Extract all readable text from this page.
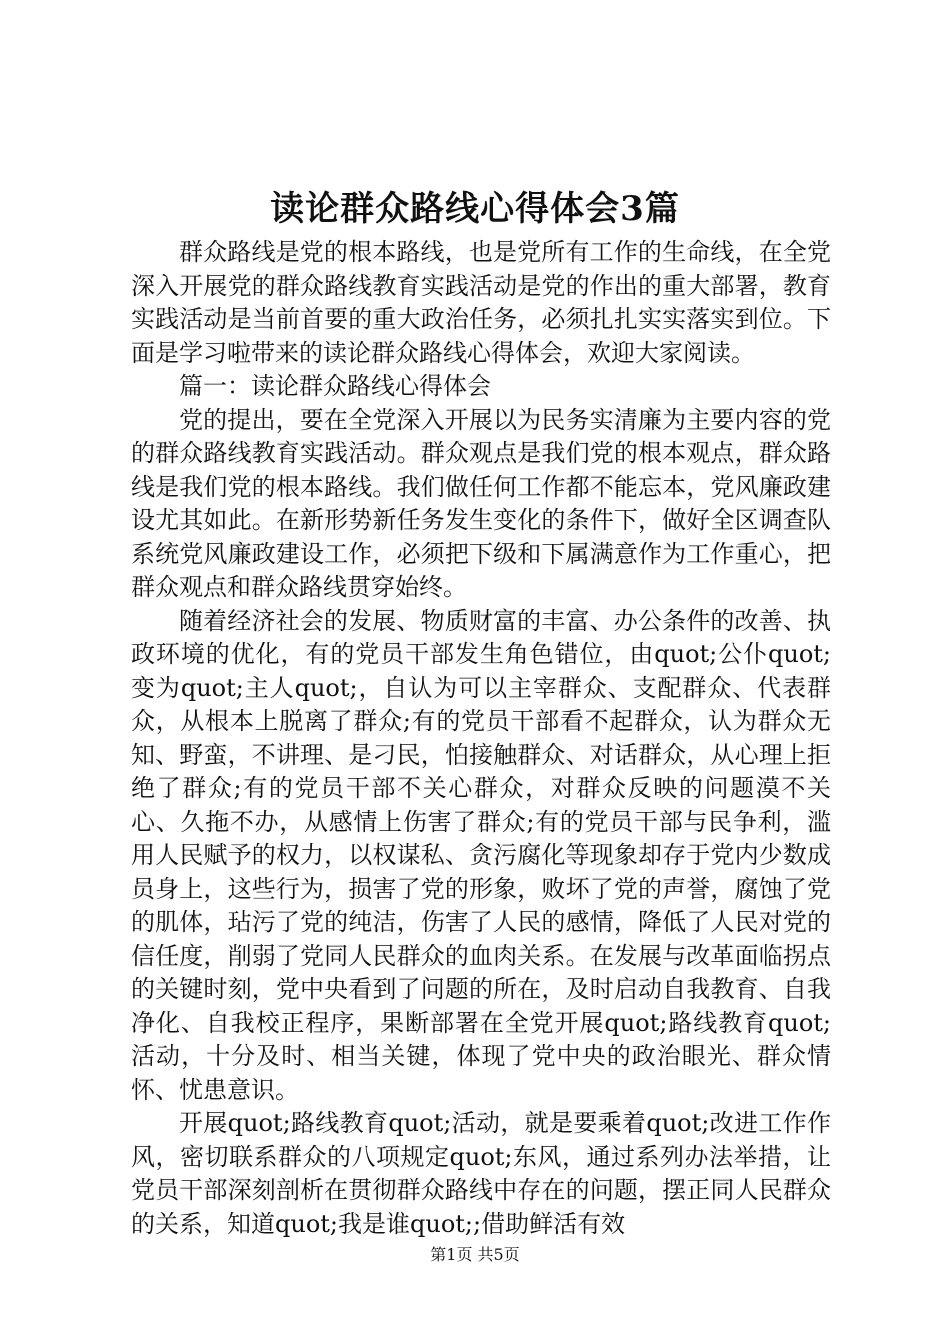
读论群众路线心得体会3篇

群众路线是党的根本路线，也是党所有工作的生命线，在全党深入开展党的群众路线教育实践活动是党的作出的重大部署，教育实践活动是当前首要的重大政治任务，必须扎扎实实落实到位。下面是学习啦带来的读论群众路线心得体会，欢迎大家阅读。

篇一：读论群众路线心得体会

党的提出，要在全党深入开展以为民务实清廉为主要内容的党的群众路线教育实践活动。群众观点是我们党的根本观点，群众路线是我们党的根本路线。我们做任何工作都不能忘本，党风廉政建设尤其如此。在新形势新任务发生变化的条件下，做好全区调查队系统党风廉政建设工作，必须把下级和下属满意作为工作重心，把群众观点和群众路线贯穿始终。

随着经济社会的发展、物质财富的丰富、办公条件的改善、执政环境的优化，有的党员干部发生角色错位，由quot;公仆quot;变为quot;主人quot;，自认为可以主宰群众、支配群众、代表群众，从根本上脱离了群众;有的党员干部看不起群众，认为群众无知、野蛮，不讲理、是刁民，怕接触群众、对话群众，从心理上拒绝了群众;有的党员干部不关心群众，对群众反映的问题漠不关心、久拖不办，从感情上伤害了群众;有的党员干部与民争利，滥用人民赋予的权力，以权谋私、贪污腐化等现象却存于党内少数成员身上，这些行为，损害了党的形象，败坏了党的声誉，腐蚀了党的肌体，玷污了党的纯洁，伤害了人民的感情，降低了人民对党的信任度，削弱了党同人民群众的血肉关系。在发展与改革面临拐点的关键时刻，党中央看到了问题的所在，及时启动自我教育、自我净化、自我校正程序，果断部署在全党开展quot;路线教育quot;活动，十分及时、相当关键，体现了党中央的政治眼光、群众情怀、忧患意识。

开展quot;路线教育quot;活动，就是要乘着quot;改进工作作风，密切联系群众的八项规定quot;东风，通过系列办法举措，让党员干部深刻剖析在贯彻群众路线中存在的问题，摆正同人民群众的关系，知道quot;我是谁quot;;借助鲜活有效

第1页 共5页
